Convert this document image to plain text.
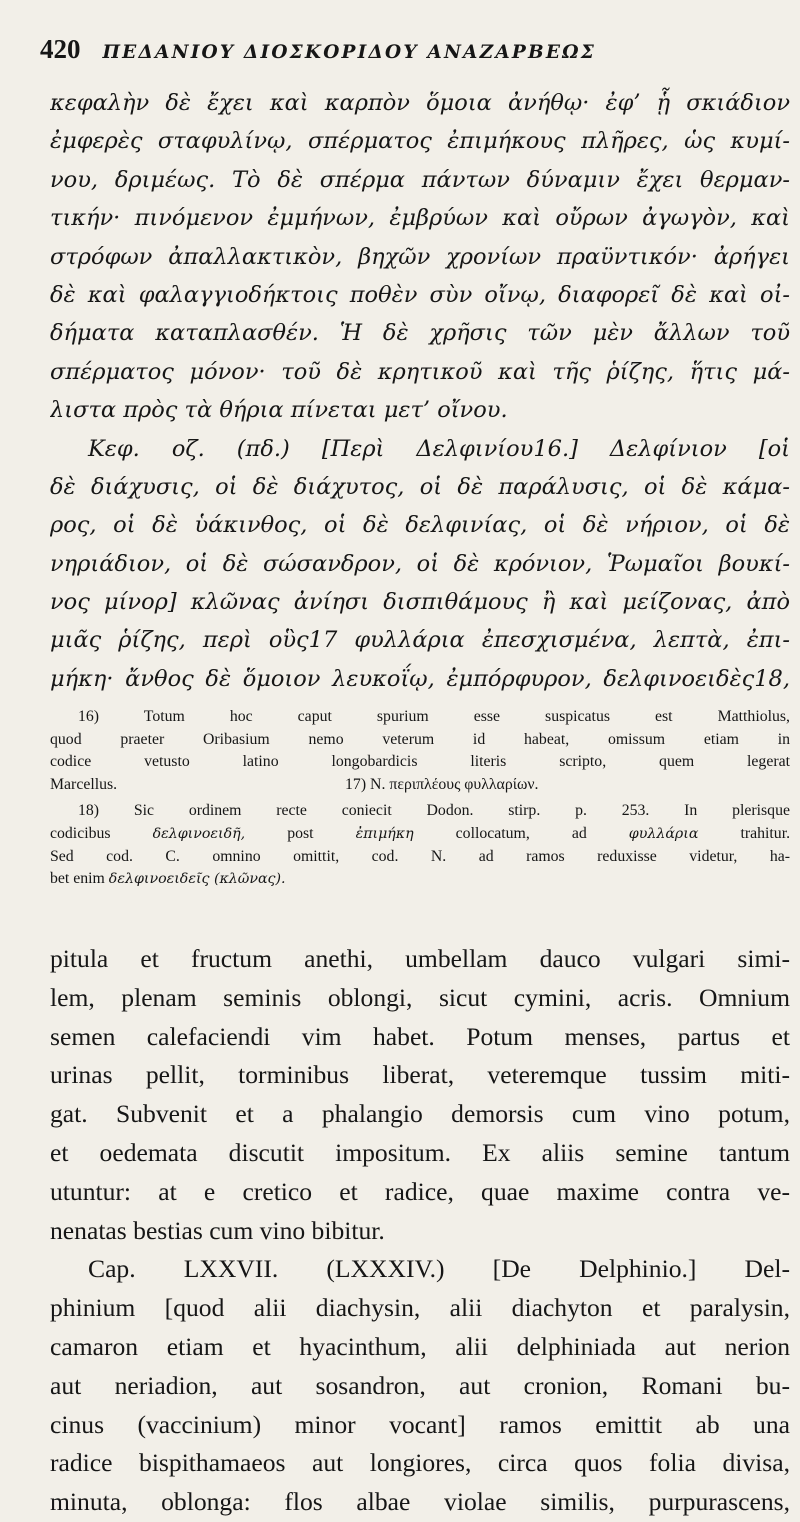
420 ΠΕΔΑΝΙΟΥ ΔΙΟΣΚΟΡΙΔΟΥ ΑΝΑΖΑΡΒΕΩΣ
κεφαλὴν δὲ ἔχει καὶ καρπὸν ὅμοια ἀνήθῳ· ἐφ’ ᾗ σκιάδιον
ἐμφερὲς σταφυλίνῳ, σπέρματος ἐπιμήκους πλῆρες, ὡς κυμί-
νου, δριμέως. Τὸ δὲ σπέρμα πάντων δύναμιν ἔχει θερμαν-
τικήν· πινόμενον ἐμμήνων, ἐμβρύων καὶ οὔρων ἀγωγὸν, καὶ
στρόφων ἀπαλλακτικὸν, βηχῶν χρονίων πραϋντικόν· ἀρήγει
δὲ καὶ φαλαγγιοδήκτοις ποθὲν σὺν οἴνῳ, διαφορεῖ δὲ καὶ οἰ-
δήματα καταπλασθέν. Ἡ δὲ χρῆσις τῶν μὲν ἄλλων τοῦ
σπέρματος μόνον· τοῦ δὲ κρητικοῦ καὶ τῆς ῥίζης, ἥτις μά-
λιστα πρὸς τὰ θήρια πίνεται μετ’ οἴνου.
Κεφ. οζ. (πδ.) [Περὶ Δελφινίου16.] Δελφίνιον [οἱ
δὲ διάχυσις, οἱ δὲ διάχυτος, οἱ δὲ παράλυσις, οἱ δὲ κάμα-
ρος, οἱ δὲ ὑάκινθος, οἱ δὲ δελφινίας, οἱ δὲ νήριον, οἱ δὲ
νηριάδιον, οἱ δὲ σώσανδρον, οἱ δὲ κρόνιον, Ῥωμαῖοι βουκί-
νος μίνορ] κλῶνας ἀνίησι δισπιθάμους ἢ καὶ μείζονας, ἀπὸ
μιᾶς ῥίζης, περὶ οὓς17 φυλλάρια ἐπεσχισμένα, λεπτὰ, ἐπι-
μήκη· ἄνθος δὲ ὅμοιον λευκοΐῳ, ἐμπόρφυρον, δελφινοειδὲς18,
16) Totum hoc caput spurium esse suspicatus est Matthiolus,
quod praeter Oribasium nemo veterum id habeat, omissum etiam in
codice vetusto latino longobardicis literis scripto, quem legerat
Marcellus.	17) N. περιπλέους φυλλαρίων.
18) Sic ordinem recte coniecit Dodon. stirp. p. 253. In plerisque
codicibus	δελφινοειδῆ,	post	ἐπιμήκη	collocatum, ad	φυλλάρια	trahitur.
Sed cod. C. omnino omittit, cod. N. ad ramos reduxisse videtur, ha-
bet enim δελφινοειδεῖς (κλῶνας).
pitula et fructum anethi, umbellam dauco vulgari simi-
lem, plenam seminis oblongi, sicut cymini, acris. Omnium
semen calefaciendi vim habet. Potum menses, partus et
urinas pellit, torminibus liberat, veteremque tussim miti-
gat. Subvenit et a phalangio demorsis cum vino potum,
et oedemata discutit impositum. Ex aliis semine tantum
utuntur: at e cretico et radice, quae maxime contra ve-
nenatas bestias cum vino bibitur.
Cap. LXXVII. (LXXXIV.) [De Delphinio.] Del-
phinium [quod alii diachysin, alii diachyton et paralysin,
camaron etiam et hyacinthum, alii delphiniada aut nerion
aut neriadion, aut sosandron, aut cronion, Romani bu-
cinus (vaccinium) minor vocant] ramos emittit ab una
radice bispithamaeos aut longiores, circa quos folia divisa,
minuta, oblonga: flos albae violae similis, purpurascens,
